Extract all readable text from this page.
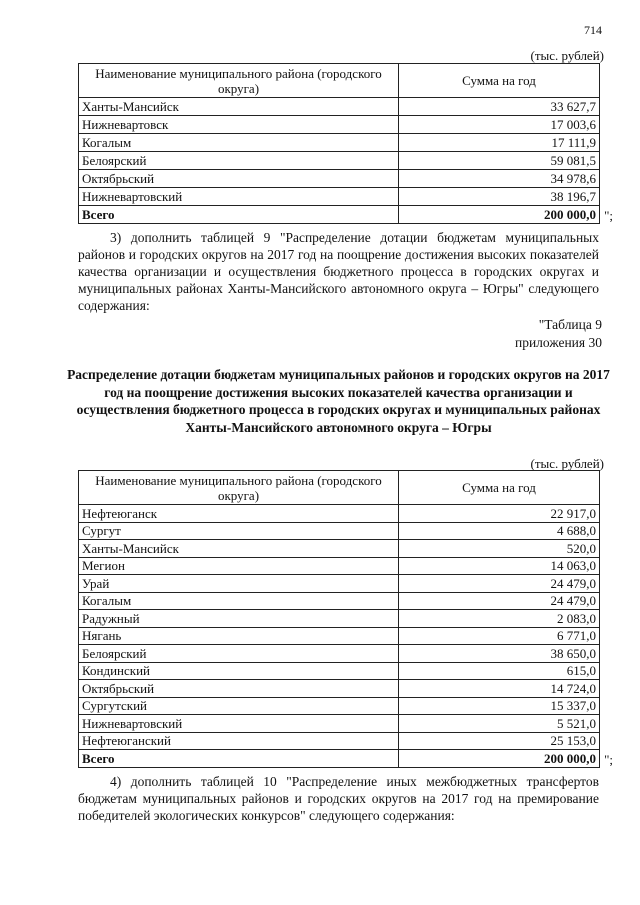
714
(тыс. рублей)
Наименование муниципального района (городского округа)	Сумма на год
Ханты-Мансийск	33 627,7
Нижневартовск	17 003,6
Когалым	17 111,9
Белоярский	59 081,5
Октябрьский	34 978,6
Нижневартовский	38 196,7
Всего	200 000,0 ";
3) дополнить таблицей 9 "Распределение дотации бюджетам муниципальных районов и городских округов на 2017 год на поощрение достижения высоких показателей качества организации и осуществления бюджетного процесса в городских округах и муниципальных районах Ханты-Мансийского автономного округа – Югры" следующего содержания:
"Таблица 9
приложения 30
Распределение дотации бюджетам муниципальных районов и городских округов на 2017 год на поощрение достижения высоких показателей качества организации и осуществления бюджетного процесса в городских округах и муниципальных районах Ханты-Мансийского автономного округа – Югры
(тыс. рублей)
Наименование муниципального района (городского округа)	Сумма на год
Нефтеюганск	22 917,0
Сургут	4 688,0
Ханты-Мансийск	520,0
Мегион	14 063,0
Урай	24 479,0
Когалым	24 479,0
Радужный	2 083,0
Нягань	6 771,0
Белоярский	38 650,0
Кондинский	615,0
Октябрьский	14 724,0
Сургутский	15 337,0
Нижневартовский	5 521,0
Нефтеюганский	25 153,0
Всего	200 000,0 ";
4) дополнить таблицей 10 "Распределение иных межбюджетных трансфертов бюджетам муниципальных районов и городских округов на 2017 год на премирование победителей экологических конкурсов" следующего содержания:
